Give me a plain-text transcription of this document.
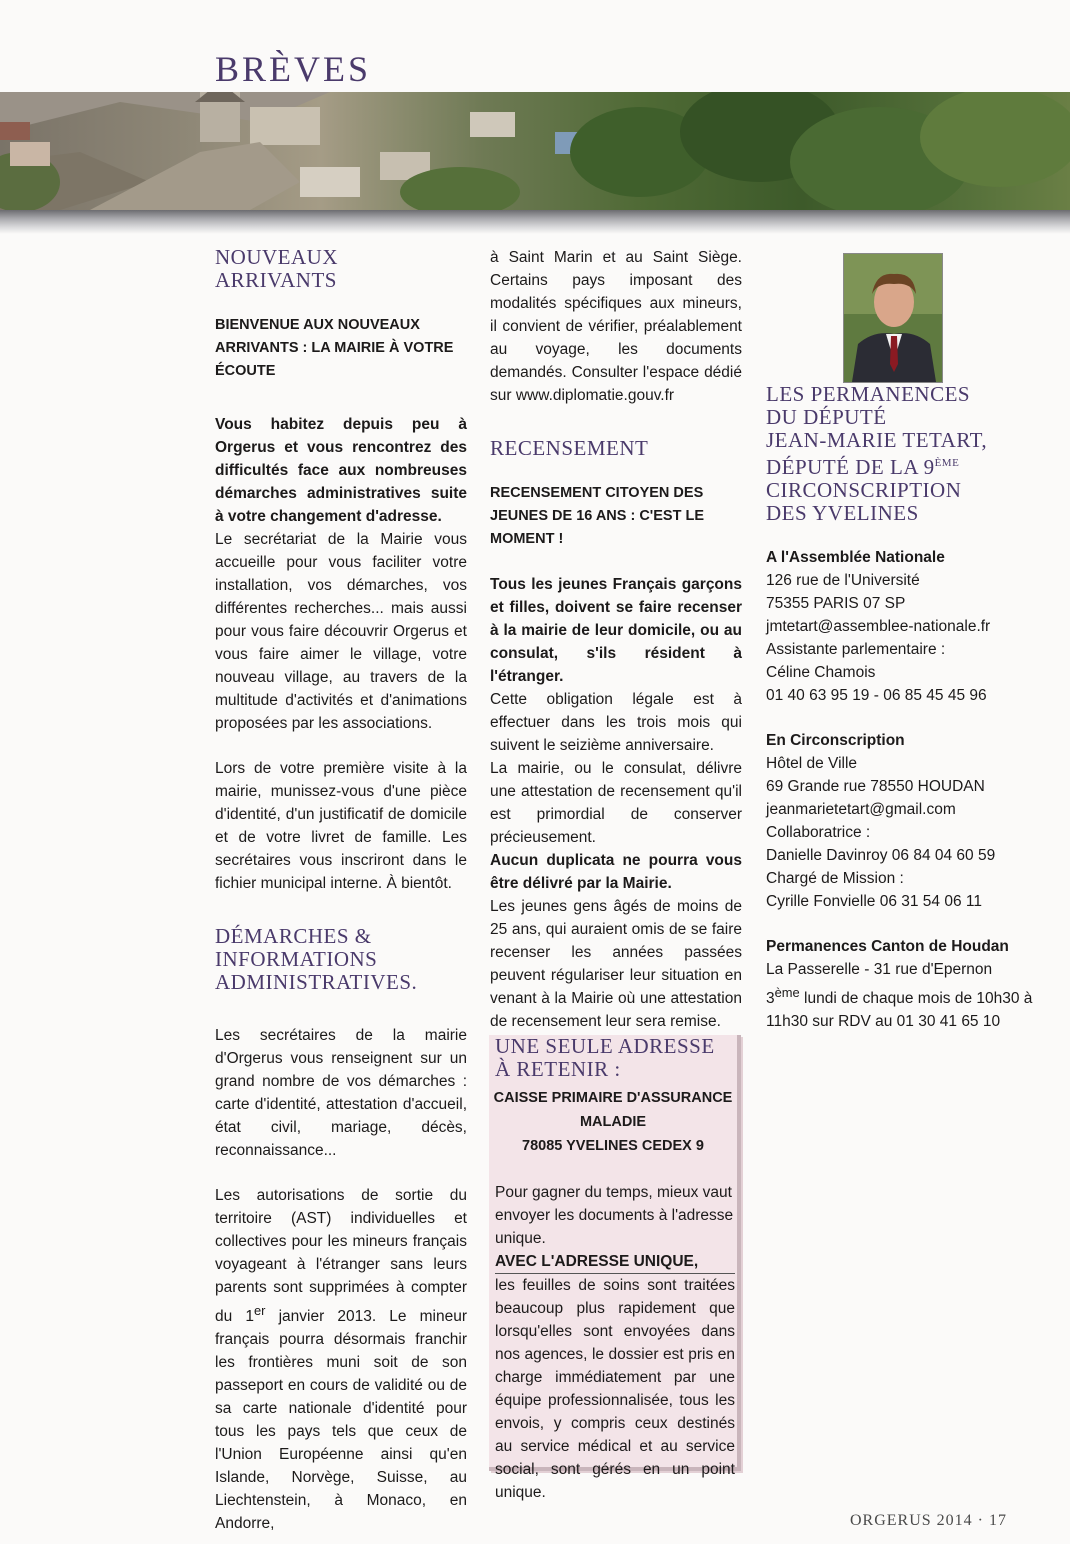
BRÈVES
NOUVEAUX
ARRIVANTS
BIENVENUE AUX NOUVEAUX ARRIVANTS : LA MAIRIE À VOTRE ÉCOUTE

Vous habitez depuis peu à Orgerus et vous rencontrez des difficultés face aux nombreuses démarches administratives suite à votre changement d'adresse.

Le secrétariat de la Mairie vous accueille pour vous faciliter votre installation, vos démarches, vos différentes recherches... mais aussi pour vous faire découvrir Orgerus et vous faire aimer le village, votre nouveau village, au travers de la multitude d'activités et d'animations proposées par les associations.

Lors de votre première visite à la mairie, munissez-vous d'une pièce d'identité, d'un justificatif de domicile et de votre livret de famille. Les secrétaires vous inscriront dans le fichier municipal interne. À bientôt.

DÉMARCHES &
INFORMATIONS
ADMINISTRATIVES.

Les secrétaires de la mairie d'Orgerus vous renseignent sur un grand nombre de vos démarches : carte d'identité, attestation d'accueil, état civil, mariage, décès, reconnaissance...

Les autorisations de sortie du territoire (AST) individuelles et collectives pour les mineurs français voyageant à l'étranger sans leurs parents sont supprimées à compter du 1er janvier 2013. Le mineur français pourra désormais franchir les frontières muni soit de son passeport en cours de validité ou de sa carte nationale d'identité pour tous les pays tels que ceux de l'Union Européenne ainsi qu'en Islande, Norvège, Suisse, au Liechtenstein, à Monaco, en Andorre,

à Saint Marin et au Saint Siège. Certains pays imposant des modalités spécifiques aux mineurs, il convient de vérifier, préalablement au voyage, les documents demandés. Consulter l'espace dédié sur www.diplomatie.gouv.fr

RECENSEMENT
RECENSEMENT CITOYEN DES JEUNES DE 16 ANS : C'EST LE MOMENT !

Tous les jeunes Français garçons et filles, doivent se faire recenser à la mairie de leur domicile, ou au consulat, s'ils résident à l'étranger.

Cette obligation légale est à effectuer dans les trois mois qui suivent le seizième anniversaire.

La mairie, ou le consulat, délivre une attestation de recensement qu'il est primordial de conserver précieusement.

Aucun duplicata ne pourra vous être délivré par la Mairie.

Les jeunes gens âgés de moins de 25 ans, qui auraient omis de se faire recenser les années passées peuvent régulariser leur situation en venant à la Mairie où une attestation de recensement leur sera remise.

UNE SEULE ADRESSE
À RETENIR :
CAISSE PRIMAIRE D'ASSURANCE
MALADIE
78085 YVELINES CEDEX 9

Pour gagner du temps, mieux vaut envoyer les documents à l'adresse unique.

AVEC L'ADRESSE UNIQUE,

les feuilles de soins sont traitées beaucoup plus rapidement que lorsqu'elles sont envoyées dans nos agences, le dossier est pris en charge immédiatement par une équipe professionnalisée, tous les envois, y compris ceux destinés au service médical et au service social, sont gérés en un point unique.

LES PERMANENCES
DU DÉPUTÉ
JEAN-MARIE TETART,
DÉPUTÉ DE LA 9ÈME
CIRCONSCRIPTION
DES YVELINES

A l'Assemblée Nationale

126 rue de l'Université

75355 PARIS 07 SP

jmtetart@assemblee-nationale.fr

Assistante parlementaire :

Céline Chamois

01 40 63 95 19 - 06 85 45 45 96

En Circonscription

Hôtel de Ville

69 Grande rue 78550 HOUDAN

jeanmarietetart@gmail.com

Collaboratrice :

Danielle Davinroy 06 84 04 60 59

Chargé de Mission :

Cyrille Fonvielle 06 31 54 06 11

Permanences Canton de Houdan

La Passerelle - 31 rue d'Epernon

3ème lundi de chaque mois de 10h30 à

11h30 sur RDV au 01 30 41 65 10

ORGERUS 2014 · 17
